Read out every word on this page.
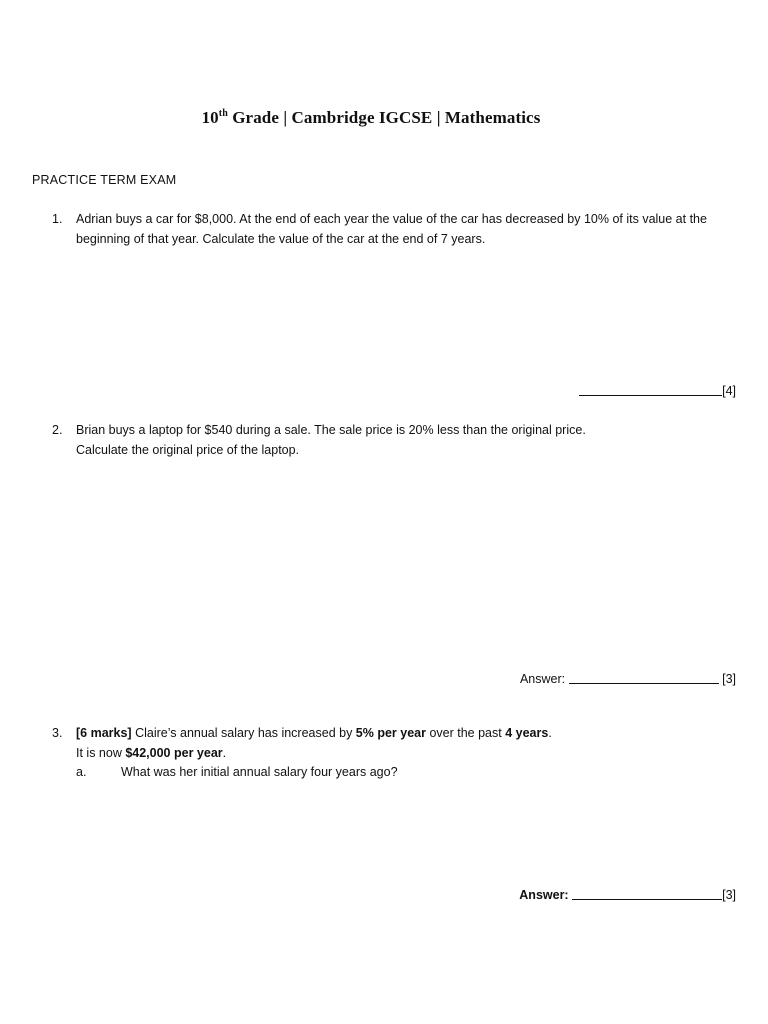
10th Grade | Cambridge IGCSE | Mathematics
PRACTICE TERM EXAM
1. Adrian buys a car for $8,000. At the end of each year the value of the car has decreased by 10% of its value at the
beginning of that year. Calculate the value of the car at the end of 7 years.
[4]
2. Brian buys a laptop for $540 during a sale. The sale price is 20% less than the original price.
Calculate the original price of the laptop.
Answer:	[3]
3. [6 marks] Claire’s annual salary has increased by 5% per year over the past 4 years.
It is now $42,000 per year.
a.	What was her initial annual salary four years ago?
Answer:	[3]
